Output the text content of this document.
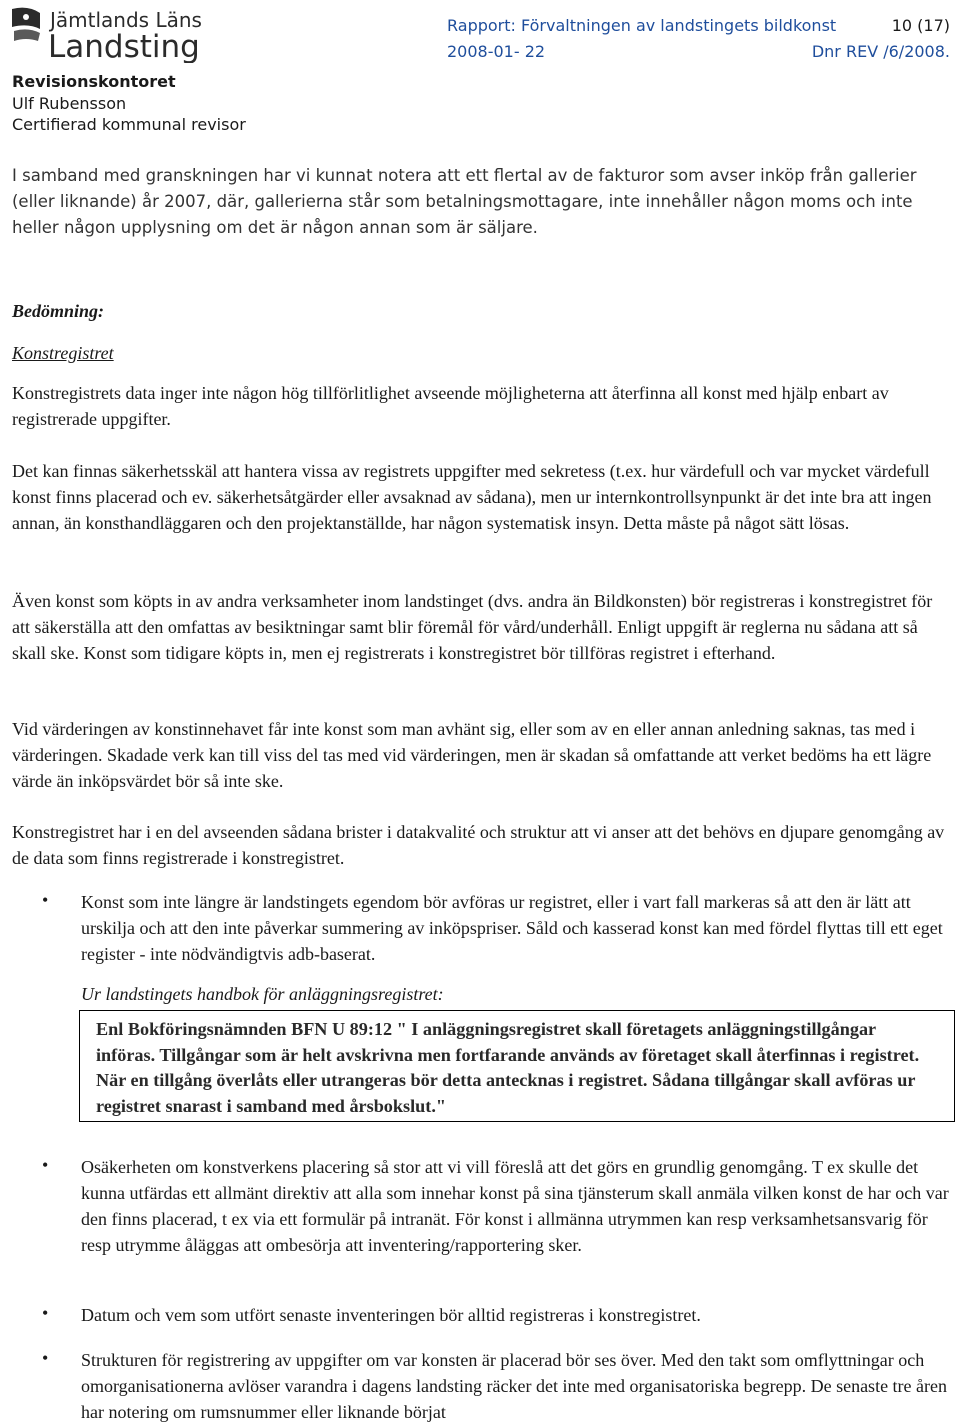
Jämtlands Läns
Landsting
Revisionskontoret
Ulf Rubensson
Certifierad kommunal revisor
Rapport: Förvaltningen av landstingets bildkonst	10 (17)
2008-01- 22	Dnr REV /6/2008.
I samband med granskningen har vi kunnat notera att ett flertal av de fakturor som avser inköp från gallerier (eller liknande) år 2007, där, gallerierna står som betalningsmottagare, inte innehåller någon moms och inte heller någon upplysning om det är någon annan som är säljare.
Bedömning:
Konstregistret
Konstregistrets data inger inte någon hög tillförlitlighet avseende möjligheterna att återfinna all konst med hjälp enbart av registrerade uppgifter.
Det kan finnas säkerhetsskäl att hantera vissa av registrets uppgifter med sekretess (t.ex. hur värdefull och var mycket värdefull konst finns placerad och ev. säkerhetsåtgärder eller avsaknad av sådana), men ur internkontrollsynpunkt är det inte bra att ingen annan, än konsthandläggaren och den projektanställde, har någon systematisk insyn. Detta måste på något sätt lösas.
Även konst som köpts in av andra verksamheter inom landstinget (dvs. andra än Bildkonsten) bör registreras i konstregistret för att säkerställa att den omfattas av besiktningar samt blir föremål för vård/underhåll. Enligt uppgift är reglerna nu sådana att så skall ske. Konst som tidigare köpts in, men ej registrerats i konstregistret bör tillföras registret i efterhand.
Vid värderingen av konstinnehavet får inte konst som man avhänt sig, eller som av en eller annan anledning saknas, tas med i värderingen. Skadade verk kan till viss del tas med vid värderingen, men är skadan så omfattande att verket bedöms ha ett lägre värde än inköpsvärdet bör så inte ske.
Konstregistret har i en del avseenden sådana brister i datakvalité och struktur att vi anser att det behövs en djupare genomgång av de data som finns registrerade i konstregistret.
•	Konst som inte längre är landstingets egendom bör avföras ur registret, eller i vart fall markeras så att den är lätt att urskilja och att den inte påverkar summering av inköpspriser. Såld och kasserad konst kan med fördel flyttas till ett eget register - inte nödvändigtvis adb-baserat.
Ur landstingets handbok för anläggningsregistret:
Enl Bokföringsnämnden BFN U 89:12 " I anläggningsregistret skall företagets anläggningstillgångar införas. Tillgångar som är helt avskrivna men fortfarande används av företaget skall återfinnas i registret. När en tillgång överlåts eller utrangeras bör detta antecknas i registret. Sådana tillgångar skall avföras ur registret snarast i samband med årsbokslut."
•	Osäkerheten om konstverkens placering så stor att vi vill föreslå att det görs en grundlig genomgång. T ex skulle det kunna utfärdas ett allmänt direktiv att alla som innehar konst på sina tjänsterum skall anmäla vilken konst de har och var den finns placerad, t ex via ett formulär på intranät. För konst i allmänna utrymmen kan resp verksamhetsansvarig för resp utrymme åläggas att ombesörja att inventering/rapportering sker.
•	Datum och vem som utfört senaste inventeringen bör alltid registreras i konstregistret.
•	Strukturen för registrering av uppgifter om var konsten är placerad bör ses över. Med den takt som omflyttningar och omorganisationerna avlöser varandra i dagens landsting räcker det inte med organisatoriska begrepp. De senaste tre åren har notering om rumsnummer eller liknande börjat
